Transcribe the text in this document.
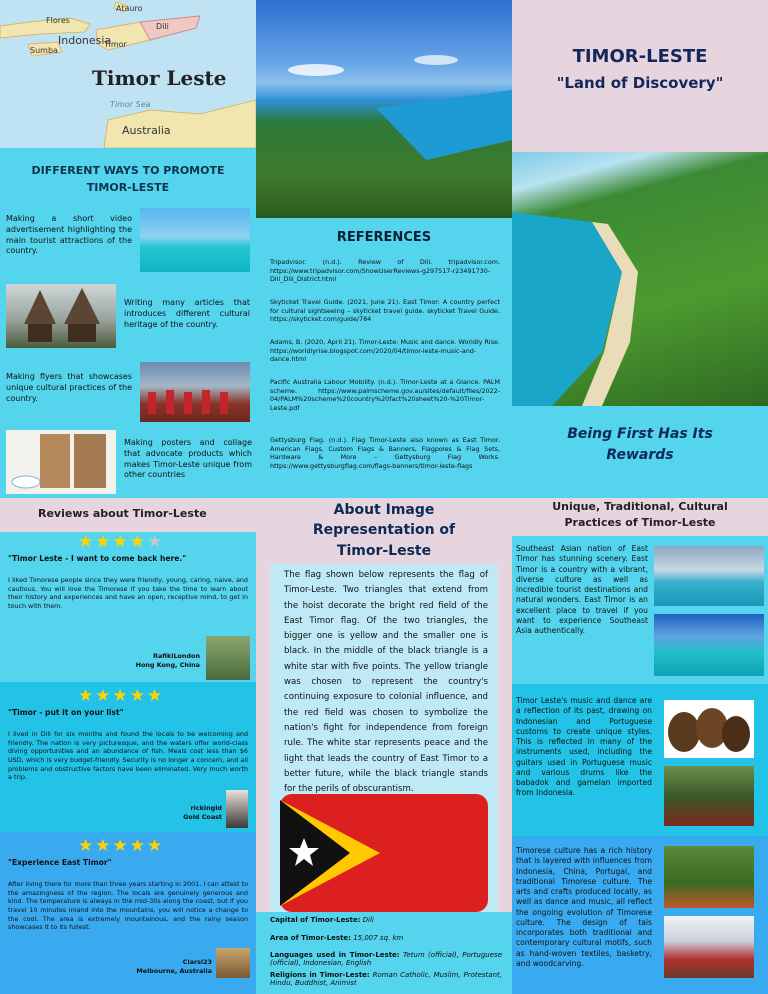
Atauro
Flores
Dili
Indonesia
Timor
Sumba
Timor Leste
Timor Sea
Australia
DIFFERENT WAYS TO PROMOTE TIMOR-LESTE
Making a short video advertisement highlighting the main tourist attractions of the country.
Writing many articles that introduces different cultural heritage of the country.
Making flyers that showcases unique cultural practices of the country.
Making posters and collage that advocate products which makes Timor-Leste unique from other countries
Reviews about Timor-Leste
★★★★★
"Timor Leste - I want to come back here."
I liked Timorese people since they were friendly, young, caring, naive, and cautious. You will love the Timorese if you take the time to learn about their history and experiences and have an open, receptive mind, to get in touch with them.
RafikiLondon
Hong Kong, China
★★★★★
"Timor - put it on your list"
I lived in Dili for six months and found the locals to be welcoming and friendly. The nation is very picturesque, and the waters offer world-class diving opportunities and an abundance of fish. Meals cost less than $6 USD, which is very budget-friendly. Security is no longer a concern, and all problems and obstructive factors have been eliminated. Very much worth a trip.
rickingld
Gold Coast
★★★★★
"Experience East Timor"
After living there for more than three years starting in 2001, I can attest to the amazingness of the region. The locals are genuinely generous and kind. The temperature is always in the mid-30s along the coast, but if you travel 10 minutes inland into the mountains, you will notice a change to the cool. The area is extremely mountainous, and the rainy season showcases it to its fullest.
Clarsl23
Melbourne, Australia
REFERENCES
Tripadvisor. (n.d.). Review of Dili. tripadvisor.com. https://www.tripadvisor.com/ShowUserReviews-g297517-r23491730-Dili_Dili_District.html
Skyticket Travel Guide. (2021, June 21). East Timor: A country perfect for cultural sightseeing – skyticket travel guide. skyticket Travel Guide. https://skyticket.com/guide/784
Adams, B. (2020, April 21). Timor-Leste: Music and dance. Worldly Rise. https://worldlyrise.blogspot.com/2020/04/timor-leste-music-and-dance.html
Pacific Australia Labour Mobility. (n.d.). Timor-Leste at a Glance. PALM scheme. https://www.palmscheme.gov.au/sites/default/files/2022-04/PALM%20scheme%20country%20fact%20sheet%20-%20Timor-Leste.pdf
Gettysburg Flag. (n.d.). Flag Timor-Leste also known as East Timor. American Flags, Custom Flags & Banners, Flagpoles & Flag Sets, Hardware & More – Gettysburg Flag Works. https://www.gettysburgflag.com/flags-banners/timor-leste-flags
About Image Representation of Timor-Leste
The flag shown below represents the flag of Timor-Leste. Two triangles that extend from the hoist decorate the bright red field of the East Timor flag. Of the two triangles, the bigger one is yellow and the smaller one is black. In the middle of the black triangle is a white star with five points. The yellow triangle was chosen to represent the country's continuing exposure to colonial influence, and the red field was chosen to symbolize the nation's fight for independence from foreign rule. The white star represents peace and the light that leads the country of East Timor to a better future, while the black triangle stands for the perils of obscurantism.
Capital of Timor-Leste: Dili
Area of Timor-Leste: 15,007 sq. km
Languages used in Timor-Leste: Tetum (official), Portuguese (official), Indonesian, English
Religions in Timor-Leste: Roman Catholic, Muslim, Protestant, Hindu, Buddhist, Animist
TIMOR-LESTE
"Land of Discovery"
Being First Has Its Rewards
Unique, Traditional, Cultural Practices of Timor-Leste
Southeast Asian nation of East Timor has stunning scenery. East Timor is a country with a vibrant, diverse culture as well as incredible tourist destinations and natural wonders. East Timor is an excellent place to travel if you want to experience Southeast Asia authentically.
Timor Leste's music and dance are a reflection of its past, drawing on Indonesian and Portuguese customs to create unique styles. This is reflected in many of the instruments used, including the guitars used in Portuguese music and various drums like the babadok and gamelan imported from Indonesia.
Timorese culture has a rich history that is layered with influences from Indonesia, China, Portugal, and traditional Timorese culture. The arts and crafts produced locally, as well as dance and music, all reflect the ongoing evolution of Timorese culture. The design of tais incorporates both traditional and contemporary cultural motifs, such as hand-woven textiles, basketry, and woodcarving.
